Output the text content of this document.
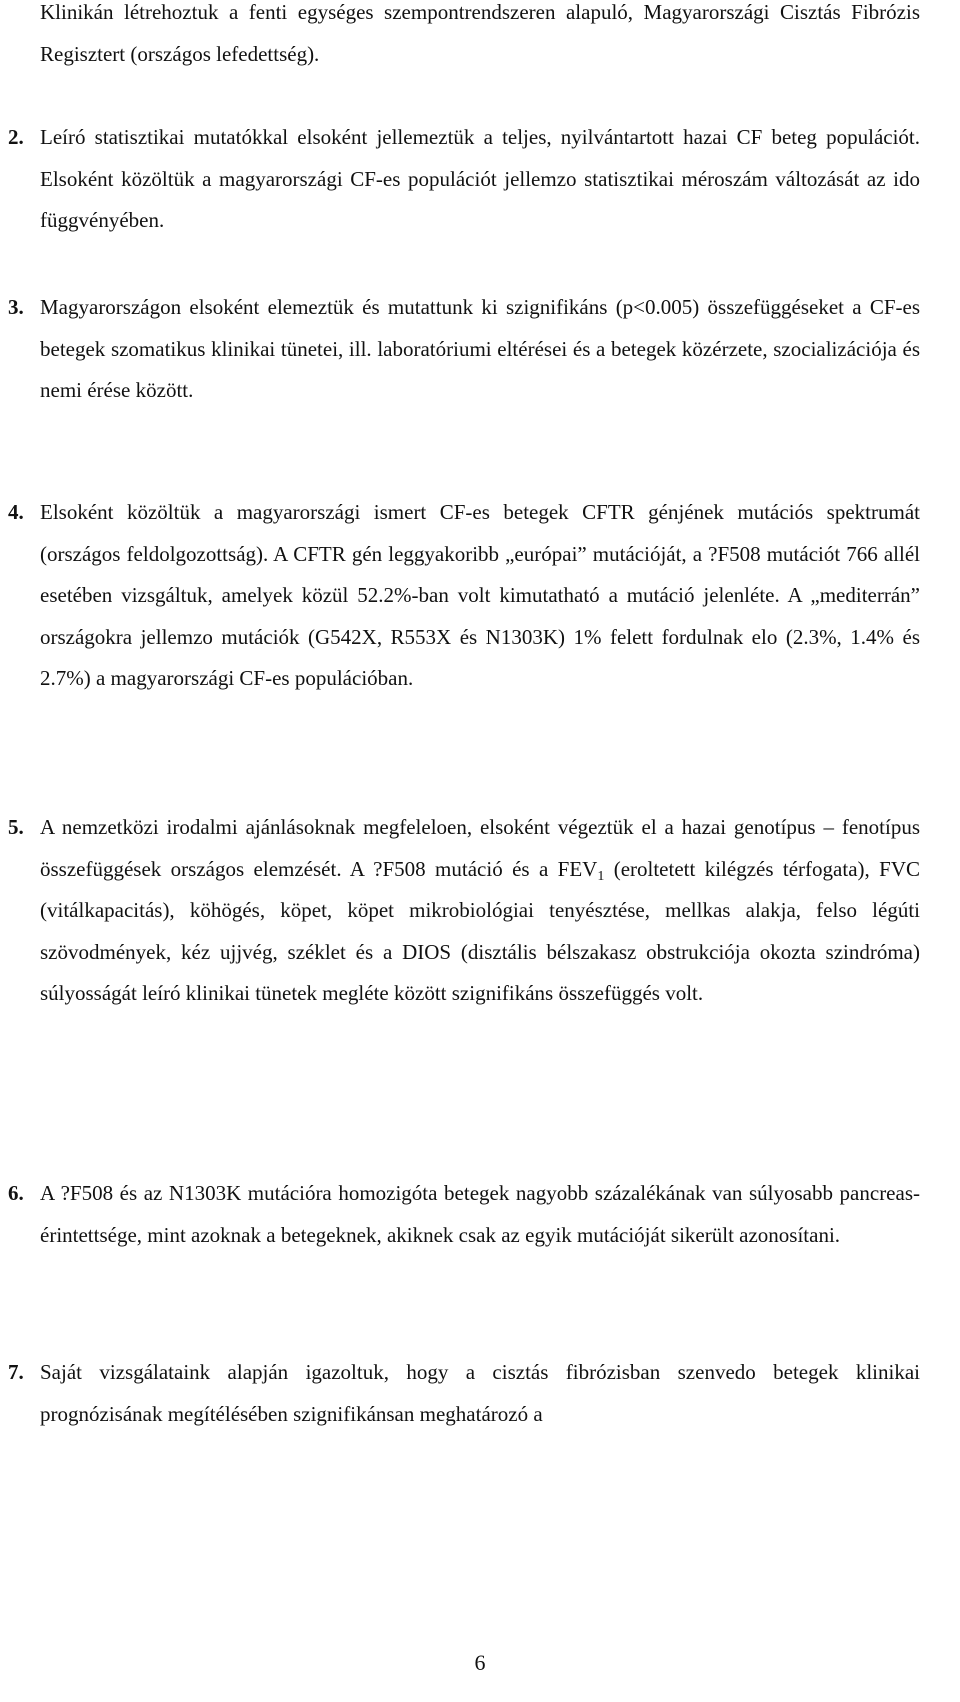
Klinikán létrehoztuk a fenti egységes szempontrendszeren alapuló, Magyarországi Cisztás Fibrózis Regisztert (országos lefedettség).

2. Leíró statisztikai mutatókkal elsoként jellemeztük a teljes, nyilvántartott hazai CF beteg populációt. Elsoként közöltük a magyarországi CF-es populációt jellemzo statisztikai méroszám változását az ido függvényében.

3. Magyarországon elsoként elemeztük és mutattunk ki szignifikáns (p<0.005) összefüggéseket a CF-es betegek szomatikus klinikai tünetei, ill. laboratóriumi eltérései és a betegek közérzete, szocializációja és nemi érése között.

4. Elsoként közöltük a magyarországi ismert CF-es betegek CFTR génjének mutációs spektrumát (országos feldolgozottság). A CFTR gén leggyakoribb „európai” mutációját, a ?F508 mutációt 766 allél esetében vizsgáltuk, amelyek közül 52.2%-ban volt kimutatható a mutáció jelenléte. A „mediterrán” országokra jellemzo mutációk (G542X, R553X és N1303K) 1% felett fordulnak elo (2.3%, 1.4% és 2.7%) a magyarországi CF-es populációban.

5. A nemzetközi irodalmi ajánlásoknak megfeleloen, elsoként végeztük el a hazai genotípus – fenotípus összefüggések országos elemzését. A ?F508 mutáció és a $FEV_1$ (eroltetett kilégzés térfogata), FVC (vitálkapacitás), köhögés, köpet, köpet mikrobiológiai tenyésztése, mellkas alakja, felso légúti szövodmények, kéz ujjvég, széklet és a DIOS (disztális bélszakasz obstrukciója okozta szindróma) súlyosságát leíró klinikai tünetek megléte között szignifikáns összefüggés volt.

6. A ?F508 és az N1303K mutációra homozigóta betegek nagyobb százalékának van súlyosabb pancreas-érintettsége, mint azoknak a betegeknek, akiknek csak az egyik mutációját sikerült azonosítani.

7. Saját vizsgálataink alapján igazoltuk, hogy a cisztás fibrózisban szenvedo betegek klinikai prognózisának megítélésében szignifikánsan meghatározó a

6
